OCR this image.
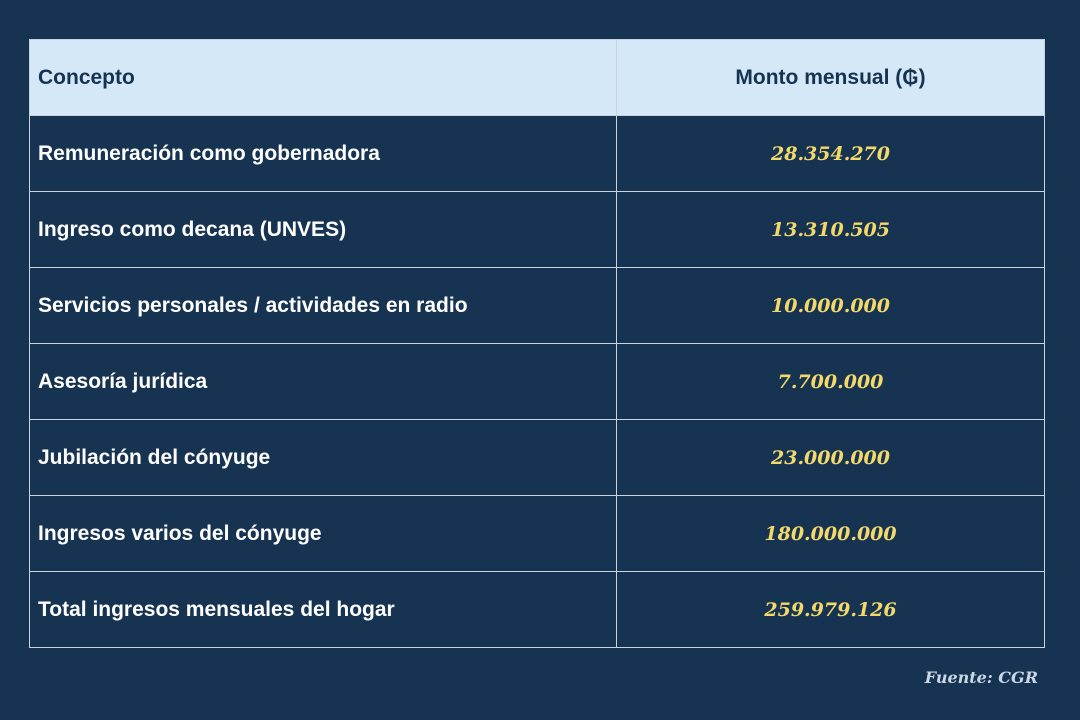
Concepto	Monto mensual (₲)
Remuneración como gobernadora	28.354.270
Ingreso como decana (UNVES)	13.310.505
Servicios personales / actividades en radio	10.000.000
Asesoría jurídica	7.700.000
Jubilación del cónyuge	23.000.000
Ingresos varios del cónyuge	180.000.000
Total ingresos mensuales del hogar	259.979.126
Fuente: CGR
